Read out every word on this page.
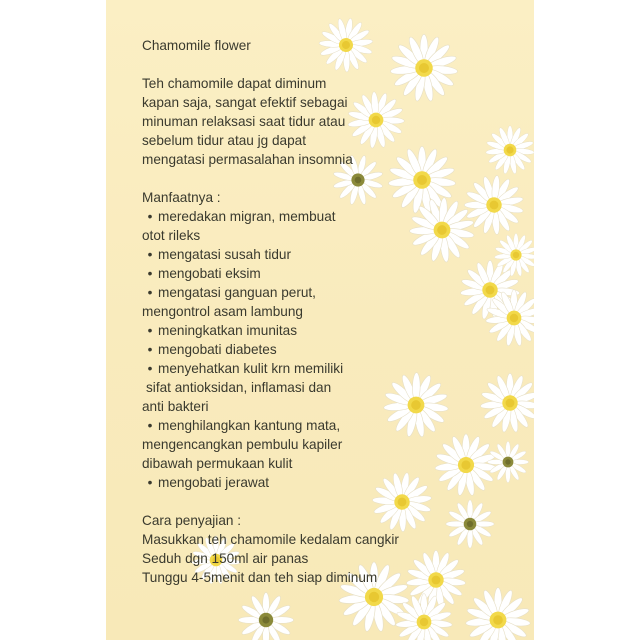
Chamomile flower

Teh chamomile dapat diminum

kapan saja, sangat efektif sebagai

minuman relaksasi saat tidur atau

sebelum tidur atau jg dapat

mengatasi permasalahan insomnia

Manfaatnya :

• meredakan migran, membuat

otot rileks

• mengatasi susah tidur

• mengobati eksim

• mengatasi ganguan perut,

mengontrol asam lambung

• meningkatkan imunitas

• mengobati diabetes

• menyehatkan kulit krn memiliki

sifat antioksidan, inflamasi dan

anti bakteri

• menghilangkan kantung mata,

mengencangkan pembulu kapiler

dibawah permukaan kulit

• mengobati jerawat

Cara penyajian :

Masukkan teh chamomile kedalam cangkir

Seduh dgn 150ml air panas

Tunggu 4-5menit dan teh siap diminum
